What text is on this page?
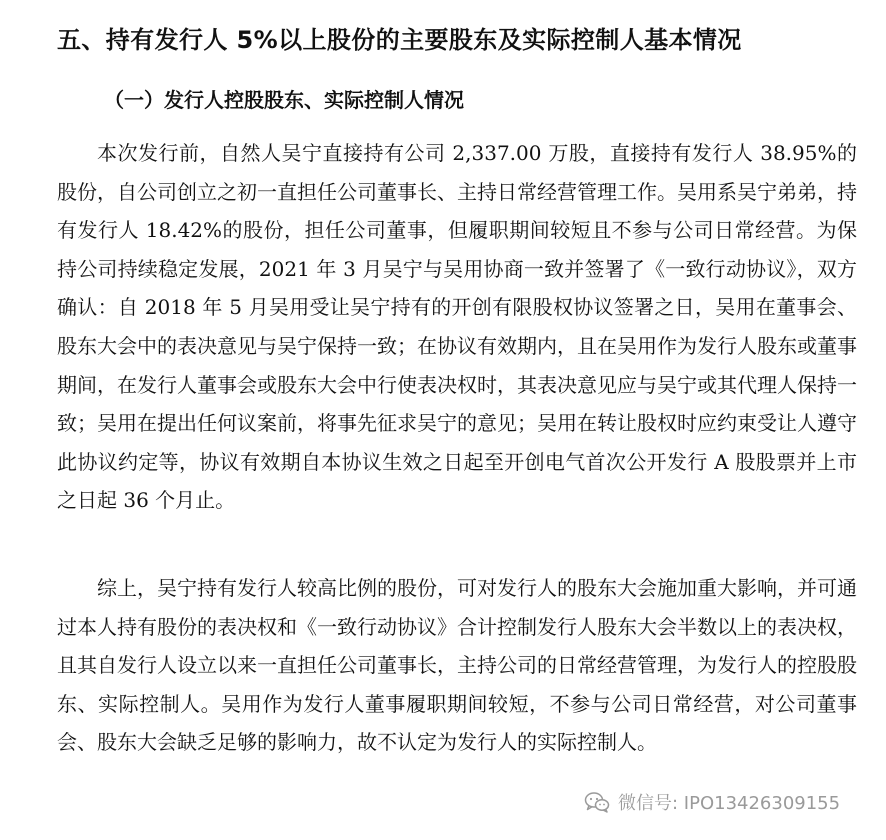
五、持有发行人 5%以上股份的主要股东及实际控制人基本情况
（一）发行人控股股东、实际控制人情况

本次发行前，自然人吴宁直接持有公司 2,337.00 万股，直接持有发行人 38.95%的股份，自公司创立之初一直担任公司董事长、主持日常经营管理工作。吴用系吴宁弟弟，持有发行人 18.42%的股份，担任公司董事，但履职期间较短且不参与公司日常经营。为保持公司持续稳定发展，2021 年 3 月吴宁与吴用协商一致并签署了《一致行动协议》，双方确认：自 2018 年 5 月吴用受让吴宁持有的开创有限股权协议签署之日，吴用在董事会、股东大会中的表决意见与吴宁保持一致；在协议有效期内，且在吴用作为发行人股东或董事期间，在发行人董事会或股东大会中行使表决权时，其表决意见应与吴宁或其代理人保持一致；吴用在提出任何议案前，将事先征求吴宁的意见；吴用在转让股权时应约束受让人遵守此协议约定等，协议有效期自本协议生效之日起至开创电气首次公开发行 A 股股票并上市之日起 36 个月止。

综上，吴宁持有发行人较高比例的股份，可对发行人的股东大会施加重大影响，并可通过本人持有股份的表决权和《一致行动协议》合计控制发行人股东大会半数以上的表决权，且其自发行人设立以来一直担任公司董事长，主持公司的日常经营管理，为发行人的控股股东、实际控制人。吴用作为发行人董事履职期间较短，不参与公司日常经营，对公司董事会、股东大会缺乏足够的影响力，故不认定为发行人的实际控制人。

微信号: IPO13426309155
